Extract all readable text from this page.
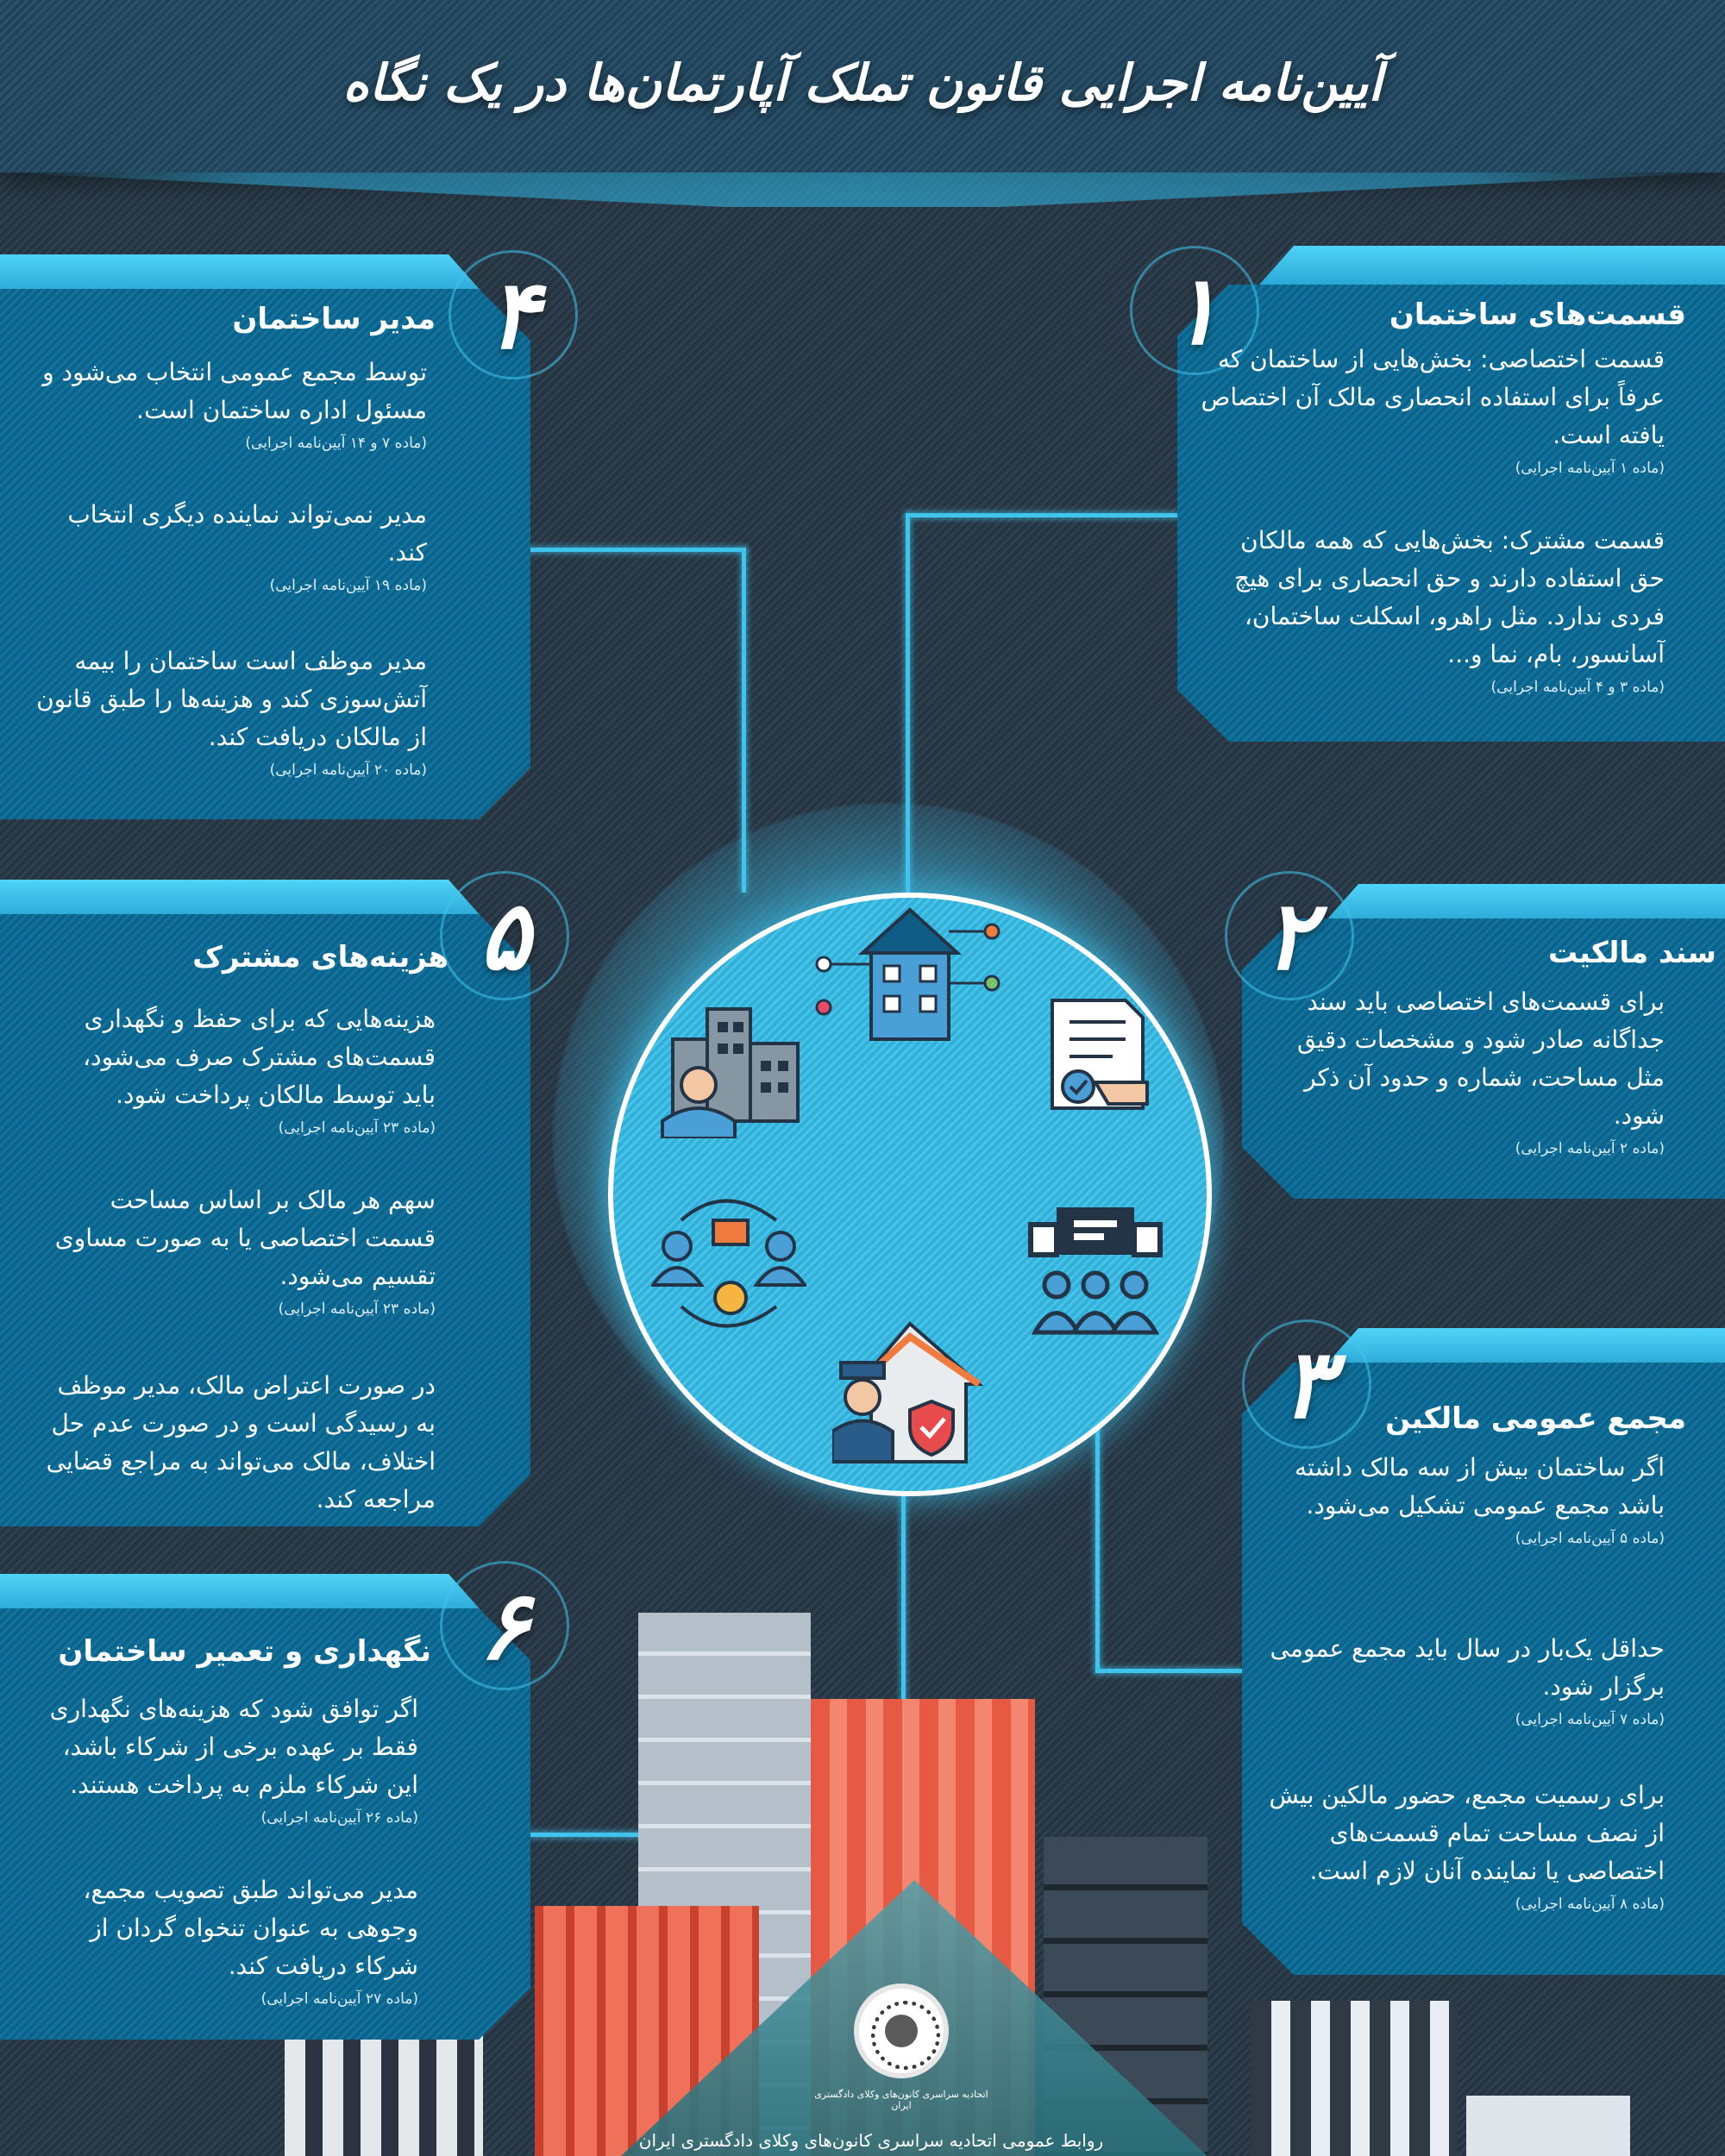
آیین‌نامه اجرایی قانون تملک آپارتمان‌ها در یک نگاه
اتحادیه سراسری کانون‌های وکلای دادگستری ایران
روابط عمومی اتحادیه سراسری کانون‌های وکلای دادگستری ایران
۱	قسمت‌های ساختمان
قسمت اختصاصی: بخش‌هایی از ساختمان که عرفاً برای استفاده انحصاری مالک آن اختصاص یافته است.
(ماده ۱ آیین‌نامه اجرایی)
قسمت مشترک: بخش‌هایی که همه مالکان حق استفاده دارند و حق انحصاری برای هیچ فردی ندارد. مثل راهرو، اسکلت ساختمان، آسانسور، بام، نما و...
(ماده ۳ و ۴ آیین‌نامه اجرایی)
۲	سند مالکیت
برای قسمت‌های اختصاصی باید سند جداگانه صادر شود و مشخصات دقیق مثل مساحت، شماره و حدود آن ذکر شود.
(ماده ۲ آیین‌نامه اجرایی)
۳	مجمع عمومی مالکین
اگر ساختمان بیش از سه مالک داشته باشد مجمع عمومی تشکیل می‌شود.
(ماده ۵ آیین‌نامه اجرایی)
حداقل یک‌بار در سال باید مجمع عمومی برگزار شود.
(ماده ۷ آیین‌نامه اجرایی)
برای رسمیت مجمع، حضور مالکین بیش از نصف مساحت تمام قسمت‌های اختصاصی یا نماینده آنان لازم است.
(ماده ۸ آیین‌نامه اجرایی)
۴
مدیر ساختمان
توسط مجمع عمومی انتخاب می‌شود و مسئول اداره ساختمان است.
(ماده ۷ و ۱۴ آیین‌نامه اجرایی)
مدیر نمی‌تواند نماینده دیگری انتخاب کند.
(ماده ۱۹ آیین‌نامه اجرایی)
مدیر موظف است ساختمان را بیمه آتش‌سوزی کند و هزینه‌ها را طبق قانون از مالکان دریافت کند.
(ماده ۲۰ آیین‌نامه اجرایی)
۵
هزینه‌های مشترک
هزینه‌هایی که برای حفظ و نگهداری قسمت‌های مشترک صرف می‌شود، باید توسط مالکان پرداخت شود.
(ماده ۲۳ آیین‌نامه اجرایی)
سهم هر مالک بر اساس مساحت قسمت اختصاصی یا به صورت مساوی تقسیم می‌شود.
(ماده ۲۳ آیین‌نامه اجرایی)
در صورت اعتراض مالک، مدیر موظف به رسیدگی است و در صورت عدم حل اختلاف، مالک می‌تواند به مراجع قضایی مراجعه کند.
۶
نگهداری و تعمیر ساختمان
اگر توافق شود که هزینه‌های نگهداری فقط بر عهده برخی از شرکاء باشد، این شرکاء ملزم به پرداخت هستند.
(ماده ۲۶ آیین‌نامه اجرایی)
مدیر می‌تواند طبق تصویب مجمع، وجوهی به عنوان تنخواه گردان از شرکاء دریافت کند.
(ماده ۲۷ آیین‌نامه اجرایی)
